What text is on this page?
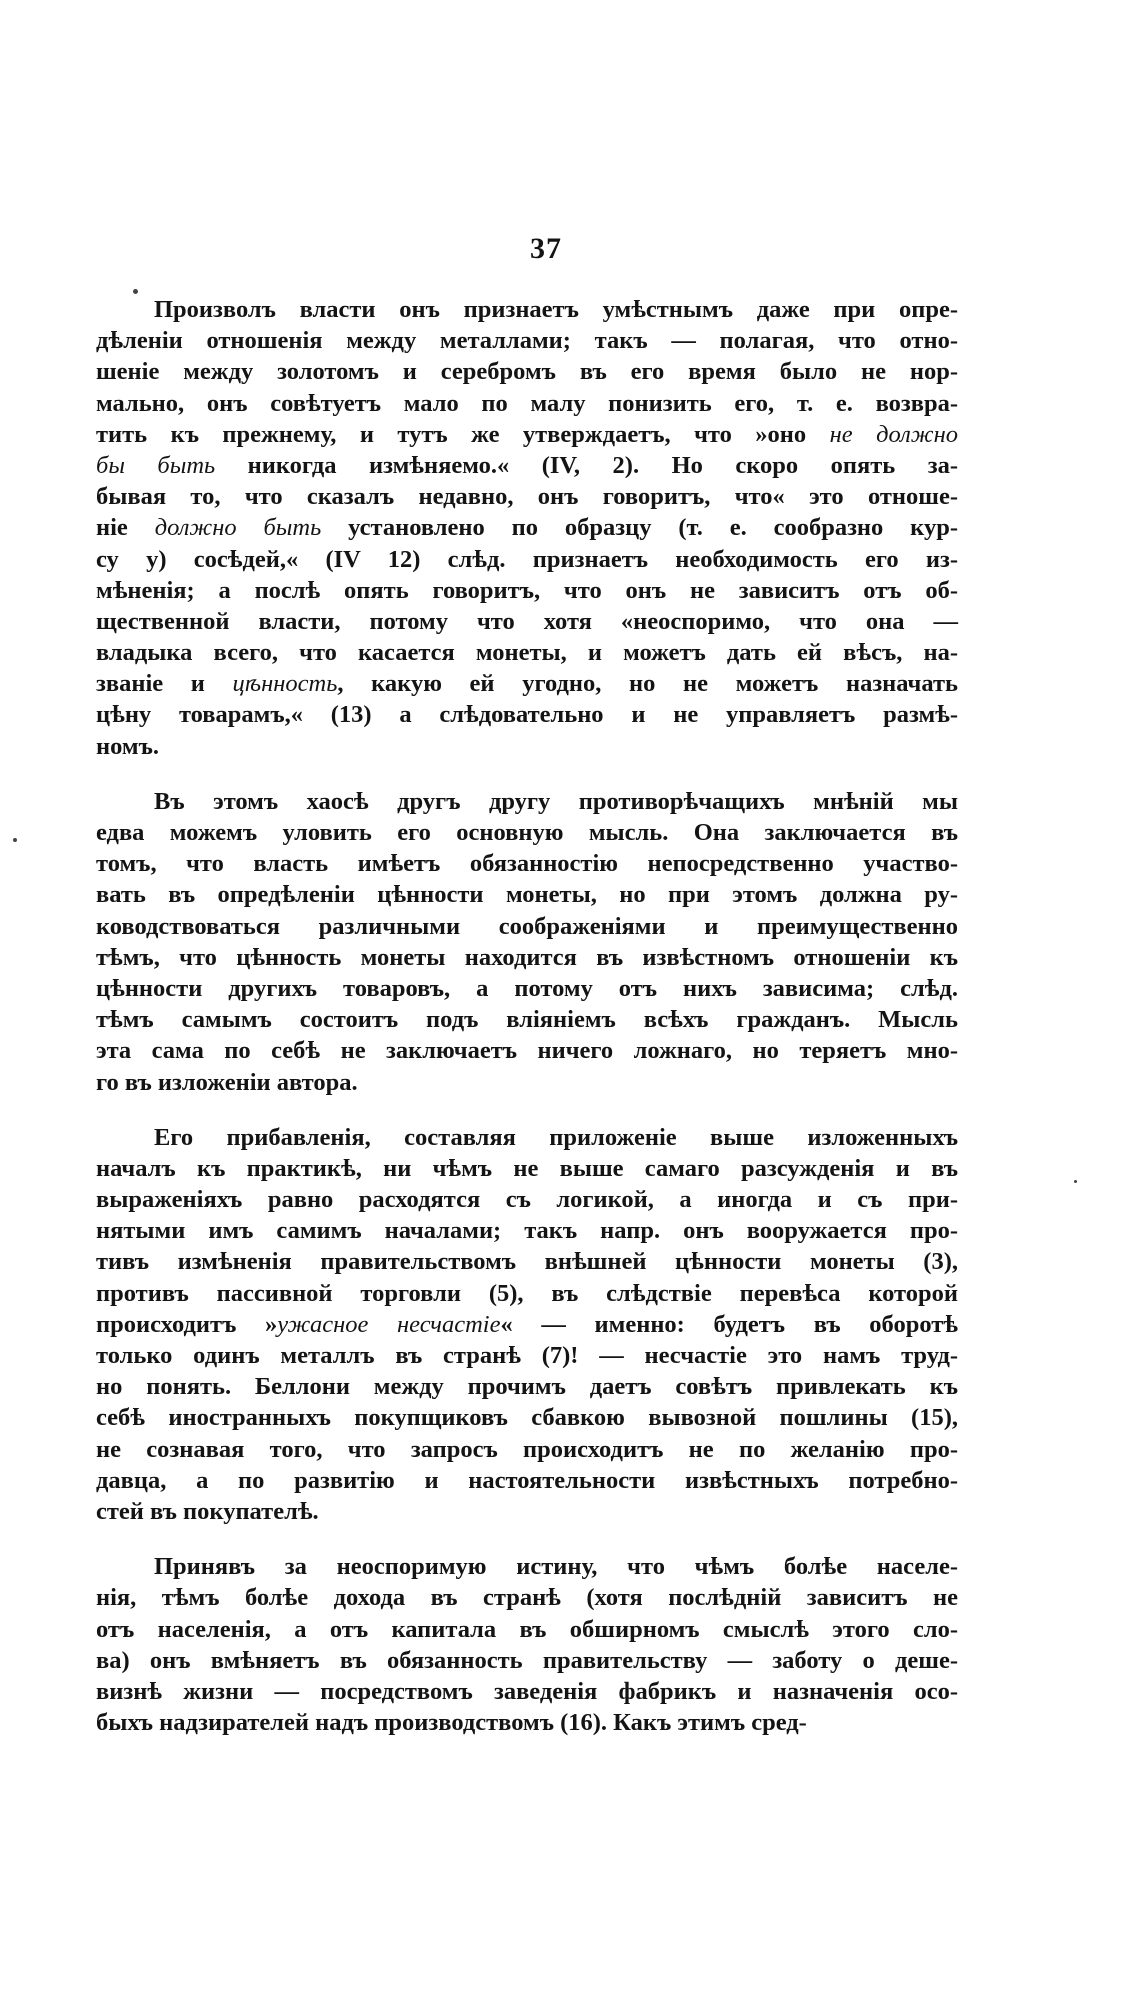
37
Произволъ власти онъ признаетъ умѣстнымъ даже при опре-
дѣленіи отношенія между металлами; такъ — полагая, что отно-
шеніе между золотомъ и серебромъ въ его время было не нор-
мально, онъ совѣтуетъ мало по малу понизить его, т. е. возвра-
тить къ прежнему, и тутъ же утверждаетъ, что »оно не должно
бы быть никогда измѣняемо.« (IV, 2). Но скоро опять за-
бывая то, что сказалъ недавно, онъ говоритъ, что« это отноше-
ніе должно быть установлено по образцу (т. е. сообразно кур-
су у) сосѣдей,« (IV 12) слѣд. признаетъ необходимость его из-
мѣненія; а послѣ опять говоритъ, что онъ не зависитъ отъ об-
щественной власти, потому что хотя «неоспоримо, что она —
владыка всего, что касается монеты, и можетъ дать ей вѣсъ, на-
званіе и цѣнность, какую ей угодно, но не можетъ назначать
цѣну товарамъ,« (13) а слѣдовательно и не управляетъ размѣ-
номъ.
Въ этомъ хаосѣ другъ другу противорѣчащихъ мнѣній мы
едва можемъ уловить его основную мысль. Она заключается въ
томъ, что власть имѣетъ обязанностію непосредственно участво-
вать въ опредѣленіи цѣнности монеты, но при этомъ должна ру-
ководствоваться различными соображеніями и преимущественно
тѣмъ, что цѣнность монеты находится въ извѣстномъ отношеніи къ
цѣнности другихъ товаровъ, а потому отъ нихъ зависима; слѣд.
тѣмъ самымъ состоитъ подъ вліяніемъ всѣхъ гражданъ. Мысль
эта сама по себѣ не заключаетъ ничего ложнаго, но теряетъ мно-
го въ изложеніи автора.
Его прибавленія, составляя приложеніе выше изложенныхъ
началъ къ практикѣ, ни чѣмъ не выше самаго разсужденія и въ
выраженіяхъ равно расходятся съ логикой, а иногда и съ при-
нятыми имъ самимъ началами; такъ напр. онъ вооружается про-
тивъ измѣненія правительствомъ внѣшней цѣнности монеты (3),
противъ пассивной торговли (5), въ слѣдствіе перевѣса которой
происходитъ »ужасное несчастіе« — именно: будетъ въ оборотѣ
только одинъ металлъ въ странѣ (7)! — несчастіе это намъ труд-
но понять. Беллони между прочимъ даетъ совѣтъ привлекать къ
себѣ иностранныхъ покупщиковъ сбавкою вывозной пошлины (15),
не сознавая того, что запросъ происходитъ не по желанію про-
давца, а по развитію и настоятельности извѣстныхъ потребно-
стей въ покупателѣ.
Принявъ за неоспоримую истину, что чѣмъ болѣе населе-
нія, тѣмъ болѣе дохода въ странѣ (хотя послѣдній зависитъ не
отъ населенія, а отъ капитала въ обширномъ смыслѣ этого сло-
ва) онъ вмѣняетъ въ обязанность правительству — заботу о деше-
визнѣ жизни — посредствомъ заведенія фабрикъ и назначенія осо-
быхъ надзирателей надъ производствомъ (16). Какъ этимъ сред-
